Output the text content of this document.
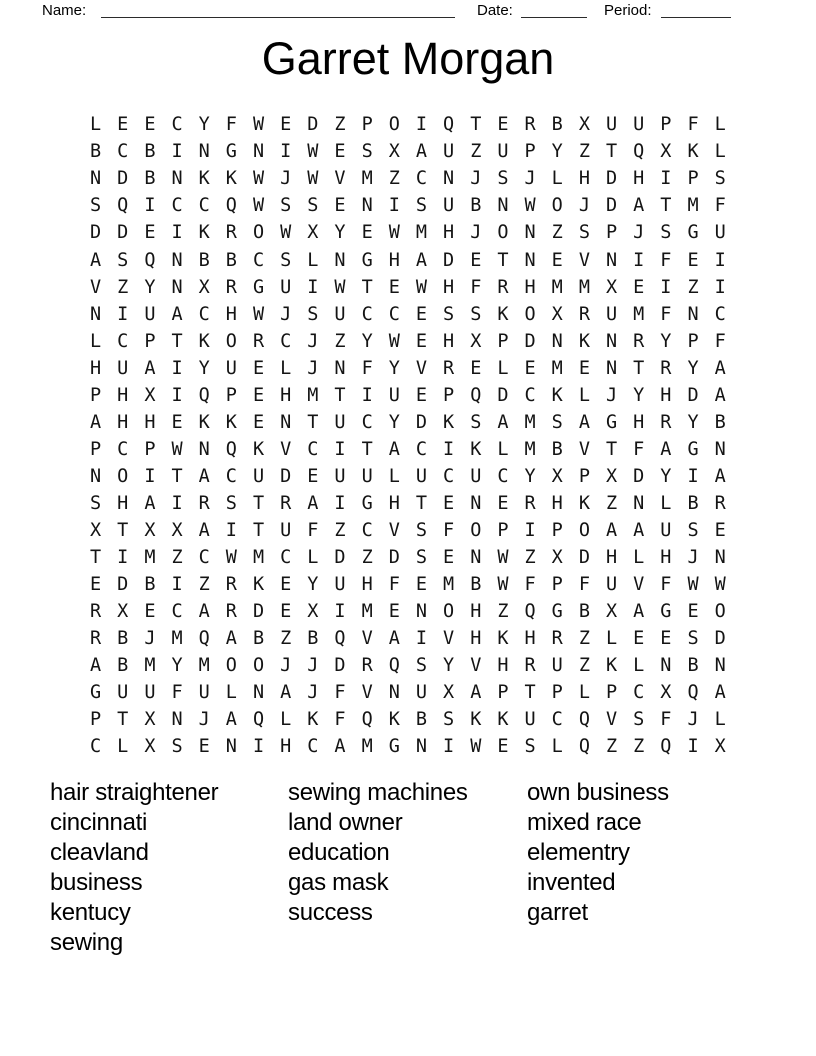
Name:	Date:	Period:
Garret Morgan
L E E C Y F W E D Z P O I Q T E R B X U U P F L
B C B I N G N I W E S X A U Z U P Y Z T Q X K L
N D B N K K W J W V M Z C N J S J L H D H I P S
S Q I C C Q W S S E N I S U B N W O J D A T M F
D D E I K R O W X Y E W M H J O N Z S P J S G U
A S Q N B B C S L N G H A D E T N E V N I F E I
V Z Y N X R G U I W T E W H F R H M M X E I Z I
N I U A C H W J S U C C E S S K O X R U M F N C
L C P T K O R C J Z Y W E H X P D N K N R Y P F
H U A I Y U E L J N F Y V R E L E M E N T R Y A
P H X I Q P E H M T I U E P Q D C K L J Y H D A
A H H E K K E N T U C Y D K S A M S A G H R Y B
P C P W N Q K V C I T A C I K L M B V T F A G N
N O I T A C U D E U U L U C U C Y X P X D Y I A
S H A I R S T R A I G H T E N E R H K Z N L B R
X T X X A I T U F Z C V S F O P I P O A A U S E
T I M Z C W M C L D Z D S E N W Z X D H L H J N
E D B I Z R K E Y U H F E M B W F P F U V F W W
R X E C A R D E X I M E N O H Z Q G B X A G E O
R B J M Q A B Z B Q V A I V H K H R Z L E E S D
A B M Y M O O J J D R Q S Y V H R U Z K L N B N
G U U F U L N A J F V N U X A P T P L P C X Q A
P T X N J A Q L K F Q K B S K K U C Q V S F J L
C L X S E N I H C A M G N I W E S L Q Z Z Q I X
hair straightener
cincinnati
cleavland
business
kentucy
sewing
sewing machines
land owner
education
gas mask
success
own business
mixed race
elementry
invented
garret
